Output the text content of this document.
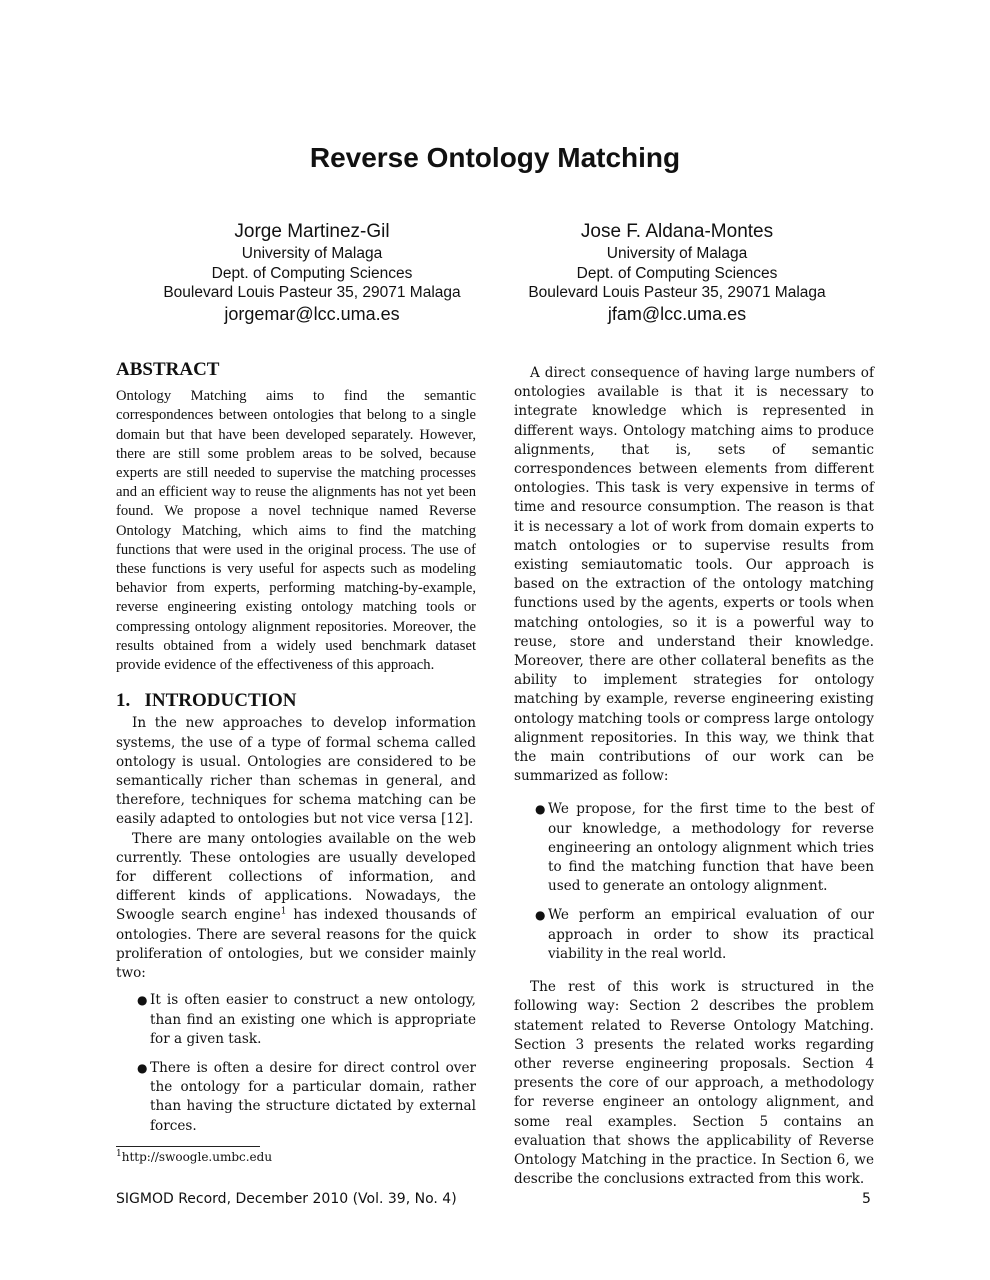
Reverse Ontology Matching
Jorge Martinez-Gil
University of Malaga
Dept. of Computing Sciences
Boulevard Louis Pasteur 35, 29071 Malaga
jorgemar@lcc.uma.es
Jose F. Aldana-Montes
University of Malaga
Dept. of Computing Sciences
Boulevard Louis Pasteur 35, 29071 Malaga
jfam@lcc.uma.es
ABSTRACT

Ontology Matching aims to find the semantic correspondences between ontologies that belong to a single domain but that have been developed separately. However, there are still some problem areas to be solved, because experts are still needed to supervise the matching processes and an efficient way to reuse the alignments has not yet been found. We propose a novel technique named Reverse Ontology Matching, which aims to find the matching functions that were used in the original process. The use of these functions is very useful for aspects such as modeling behavior from experts, performing matching-by-example, reverse engineering existing ontology matching tools or compressing ontology alignment repositories. Moreover, the results obtained from a widely used benchmark dataset provide evidence of the effectiveness of this approach.

1.   INTRODUCTION

In the new approaches to develop information systems, the use of a type of formal schema called ontology is usual. Ontologies are considered to be semantically richer than schemas in general, and therefore, techniques for schema matching can be easily adapted to ontologies but not vice versa [12].

There are many ontologies available on the web currently. These ontologies are usually developed for different collections of information, and different kinds of applications. Nowadays, the Swoogle search engine$^1$ has indexed thousands of ontologies. There are several reasons for the quick proliferation of ontologies, but we consider mainly two:

● It is often easier to construct a new ontology, than find an existing one which is appropriate for a given task.
● There is often a desire for direct control over the ontology for a particular domain, rather than having the structure dictated by external forces.

A direct consequence of having large numbers of ontologies available is that it is necessary to integrate knowledge which is represented in different ways. Ontology matching aims to produce alignments, that is, sets of semantic correspondences between elements from different ontologies. This task is very expensive in terms of time and resource consumption. The reason is that it is necessary a lot of work from domain experts to match ontologies or to supervise results from existing semiautomatic tools. Our approach is based on the extraction of the ontology matching functions used by the agents, experts or tools when matching ontologies, so it is a powerful way to reuse, store and understand their knowledge. Moreover, there are other collateral benefits as the ability to implement strategies for ontology matching by example, reverse engineering existing ontology matching tools or compress large ontology alignment repositories. In this way, we think that the main contributions of our work can be summarized as follow:

● We propose, for the first time to the best of our knowledge, a methodology for reverse engineering an ontology alignment which tries to find the matching function that have been used to generate an ontology alignment.
● We perform an empirical evaluation of our approach in order to show its practical viability in the real world.

The rest of this work is structured in the following way: Section 2 describes the problem statement related to Reverse Ontology Matching. Section 3 presents the related works regarding other reverse engineering proposals. Section 4 presents the core of our approach, a methodology for reverse engineer an ontology alignment, and some real examples. Section 5 contains an evaluation that shows the applicability of Reverse Ontology Matching in the practice. In Section 6, we describe the conclusions extracted from this work.

$^1$http://swoogle.umbc.edu
SIGMOD Record, December 2010 (Vol. 39, No. 4)	5
